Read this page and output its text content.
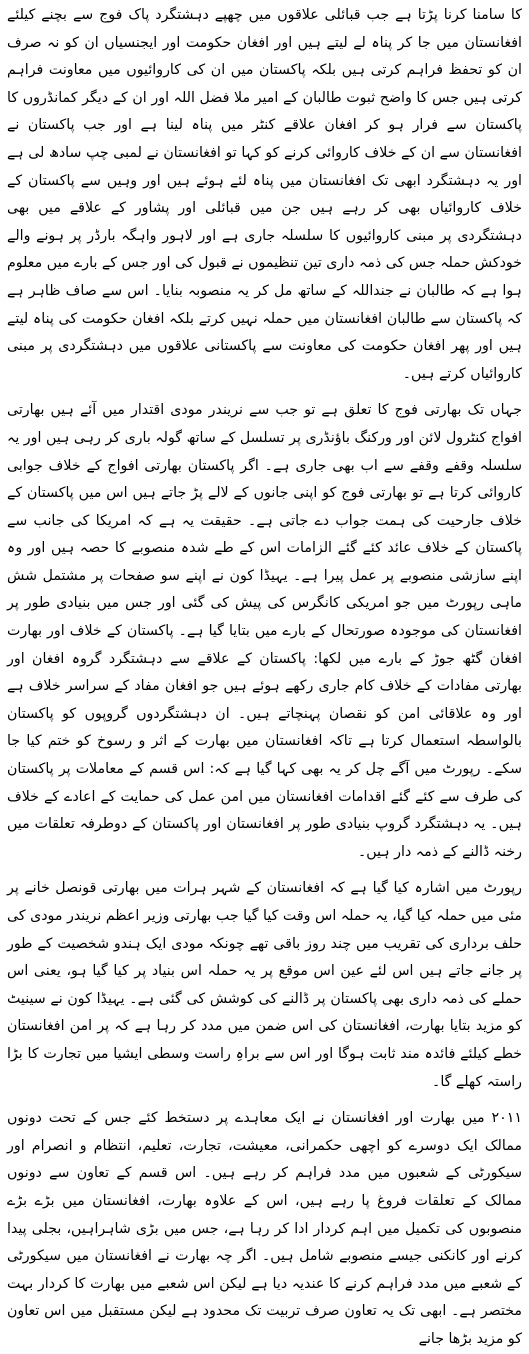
کا سامنا کرنا پڑتا ہے جب قبائلی علاقوں میں چھپے دہشتگرد پاک فوج سے بچنے کیلئے افغانستان میں جا کر پناہ لے لیتے ہیں اور افغان حکومت اور ایجنسیاں ان کو نہ صرف ان کو تحفظ فراہم کرتی ہیں بلکہ پاکستان میں ان کی کاروائیوں میں معاونت فراہم کرتی ہیں جس کا واضح ثبوت طالبان کے امیر ملا فضل اللہ اور ان کے دیگر کمانڈروں کا پاکستان سے فرار ہو کر افغان علاقے کنٹر میں پناہ لینا ہے اور جب پاکستان نے افغانستان سے ان کے خلاف کاروائی کرنے کو کہا تو افغانستان نے لمبی چپ سادھ لی ہے اور یہ دہشتگرد ابھی تک افغانستان میں پناہ لئے ہوئے ہیں اور وہیں سے پاکستان کے خلاف کاروائیاں بھی کر رہے ہیں جن میں قبائلی اور پشاور کے علاقے میں بھی دہشتگردی پر مبنی کاروائیوں کا سلسلہ جاری ہے اور لاہور واہگہ بارڈر پر ہونے والے خودکش حملہ جس کی ذمہ داری تین تنظیموں نے قبول کی اور جس کے بارے میں معلوم ہوا ہے کہ طالبان نے جنداللہ کے ساتھ مل کر یہ منصوبہ بنایا۔ اس سے صاف ظاہر ہے کہ پاکستان سے طالبان افغانستان میں حملہ نہیں کرتے بلکہ افغان حکومت کی پناہ لیتے ہیں اور پھر افغان حکومت کی معاونت سے پاکستانی علاقوں میں دہشتگردی پر مبنی کاروائیاں کرتے ہیں۔

جہاں تک بھارتی فوج کا تعلق ہے تو جب سے نریندر مودی اقتدار میں آئے ہیں بھارتی افواج کنٹرول لائن اور ورکنگ باؤنڈری پر تسلسل کے ساتھ گولہ باری کر رہی ہیں اور یہ سلسلہ وقفے وقفے سے اب بھی جاری ہے۔ اگر پاکستان بھارتی افواج کے خلاف جوابی کاروائی کرتا ہے تو بھارتی فوج کو اپنی جانوں کے لالے پڑ جاتے ہیں اس میں پاکستان کے خلاف جارحیت کی ہمت جواب دے جاتی ہے۔ حقیقت یہ ہے کہ امریکا کی جانب سے پاکستان کے خلاف عائد کئے گئے الزامات اس کے طے شدہ منصوبے کا حصہ ہیں اور وہ اپنے سازشی منصوبے پر عمل پیرا ہے۔ یہیڈا کون نے اپنے سو صفحات پر مشتمل شش ماہی رپورٹ میں جو امریکی کانگرس کی پیش کی گئی اور جس میں بنیادی طور پر افغانستان کی موجودہ صورتحال کے بارے میں بتایا گیا ہے۔ پاکستان کے خلاف اور بھارت افغان گٹھ جوڑ کے بارے میں لکھا: پاکستان کے علاقے سے دہشتگرد گروہ افغان اور بھارتی مفادات کے خلاف کام جاری رکھے ہوئے ہیں جو افغان مفاد کے سراسر خلاف ہے اور وہ علاقائی امن کو نقصان پہنچاتے ہیں۔ ان دہشتگردوں گروپوں کو پاکستان بالواسطہ استعمال کرتا ہے تاکہ افغانستان میں بھارت کے اثر و رسوخ کو ختم کیا جا سکے۔ رپورٹ میں آگے چل کر یہ بھی کہا گیا ہے کہ: اس قسم کے معاملات پر پاکستان کی طرف سے کئے گئے اقدامات افغانستان میں امن عمل کی حمایت کے اعادے کے خلاف ہیں۔ یہ دہشتگرد گروپ بنیادی طور پر افغانستان اور پاکستان کے دوطرفہ تعلقات میں رخنہ ڈالنے کے ذمہ دار ہیں۔

رپورٹ میں اشارہ کیا گیا ہے کہ افغانستان کے شہر ہرات میں بھارتی قونصل خانے پر مئی میں حملہ کیا گیا، یہ حملہ اس وقت کیا گیا جب بھارتی وزیر اعظم نریندر مودی کی حلف برداری کی تقریب میں چند روز باقی تھے چونکہ مودی ایک ہندو شخصیت کے طور پر جانے جاتے ہیں اس لئے عین اس موقع پر یہ حملہ اس بنیاد پر کیا گیا ہو، یعنی اس حملے کی ذمہ داری بھی پاکستان پر ڈالنے کی کوشش کی گئی ہے۔ یہیڈا کون نے سینیٹ کو مزید بتایا بھارت، افغانستان کی اس ضمن میں مدد کر رہا ہے کہ پر امن افغانستان خطے کیلئے فائدہ مند ثابت ہوگا اور اس سے براہِ راست وسطی ایشیا میں تجارت کا بڑا راستہ کھلے گا۔

۲۰۱۱ میں بھارت اور افغانستان نے ایک معاہدے پر دستخط کئے جس کے تحت دونوں ممالک ایک دوسرے کو اچھی حکمرانی، معیشت، تجارت، تعلیم، انتظام و انصرام اور سیکورٹی کے شعبوں میں مدد فراہم کر رہے ہیں۔ اس قسم کے تعاون سے دونوں ممالک کے تعلقات فروغ پا رہے ہیں، اس کے علاوہ بھارت، افغانستان میں بڑے بڑے منصوبوں کی تکمیل میں اہم کردار ادا کر رہا ہے، جس میں بڑی شاہراہیں، بجلی پیدا کرنے اور کانکنی جیسے منصوبے شامل ہیں۔ اگر چہ بھارت نے افغانستان میں سیکورٹی کے شعبے میں مدد فراہم کرنے کا عندیہ دیا ہے لیکن اس شعبے میں بھارت کا کردار بہت مختصر ہے۔ ابھی تک یہ تعاون صرف تربیت تک محدود ہے لیکن مستقبل میں اس تعاون کو مزید بڑھا جانے
